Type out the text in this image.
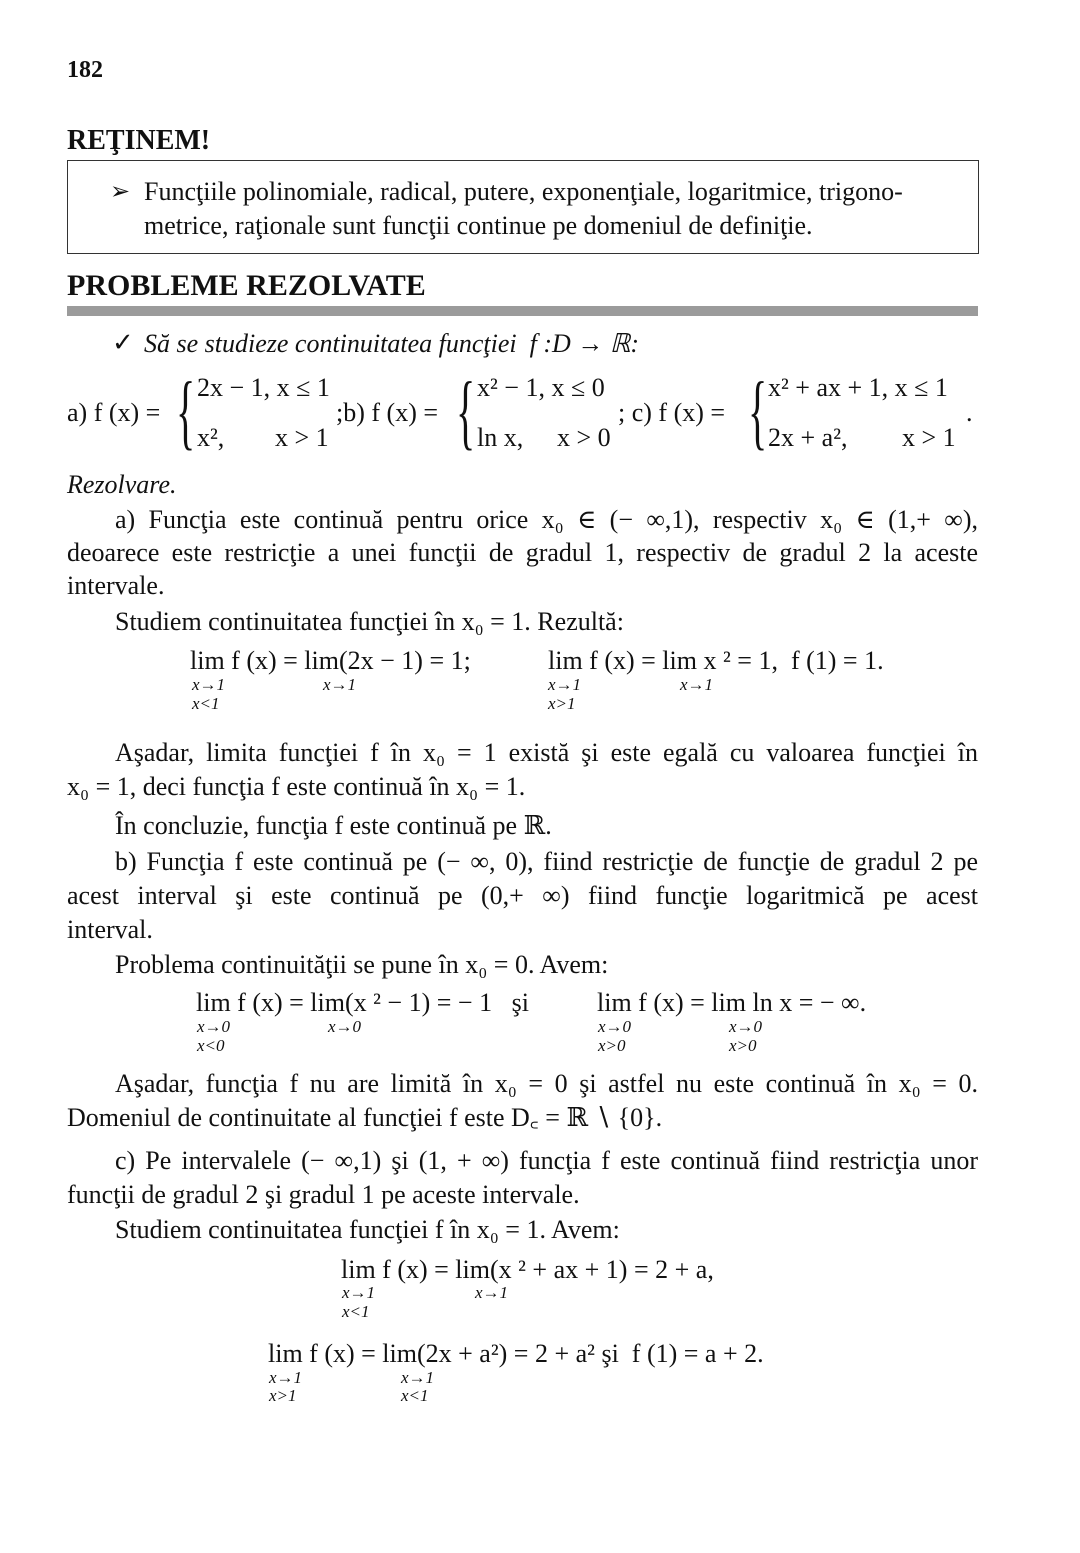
182
REŢINEM!
➢ Funcţiile polinomiale, radical, putere, exponenţiale, logaritmice, trigono-
metrice, raţionale sunt funcţii continue pe domeniul de definiţie.
PROBLEME REZOLVATE
✓ Să se studieze continuitatea funcţiei  f :D → ℝ:
a) f (x) = { 2x − 1, x ≤ 1
x², x > 1
;b) f (x) = { x² − 1, x ≤ 0
ln x, x > 0
; c) f (x) = { x² + ax + 1, x ≤ 1
2x + a², x > 1
.
Rezolvare.
a) Funcţia este continuă pentru orice x₀ ∈ (− ∞,1), respectiv x₀ ∈ (1,+ ∞),
deoarece este restricţie a unei funcţii de gradul 1, respectiv de gradul 2 la aceste
intervale.
Studiem continuitatea funcţiei în x₀ = 1. Rezultă:
lim f (x) = lim(2x − 1) = 1;
x→1
x<1
x→1
lim f (x) = lim x ² = 1,  f (1) = 1.
x→1
x>1
x→1
Aşadar, limita funcţiei f în x₀ = 1 există şi este egală cu valoarea funcţiei în
x₀ = 1, deci funcţia f este continuă în x₀ = 1.
În concluzie, funcţia f este continuă pe ℝ.
b) Funcţia f este continuă pe (− ∞, 0), fiind restricţie de funcţie de gradul 2 pe
acest interval şi este continuă pe (0,+ ∞) fiind funcţie logaritmică pe acest
interval.
Problema continuităţii se pune în x₀ = 0. Avem:
lim f (x) = lim(x ² − 1) = − 1   şi
x→0
x<0
x→0
lim f (x) = lim ln x = − ∞.
x→0
x>0
x→0
x>0
Aşadar, funcţia f nu are limită în x₀ = 0 şi astfel nu este continuă în x₀ = 0.
Domeniul de continuitate al funcţiei f este D꜀ = ℝ ∖ {0}.
c) Pe intervalele (− ∞,1) şi (1, + ∞) funcţia f este continuă fiind restricţia unor
funcţii de gradul 2 şi gradul 1 pe aceste intervale.
Studiem continuitatea funcţiei f în x₀ = 1. Avem:
lim f (x) = lim(x ² + ax + 1) = 2 + a,
x→1
x<1
x→1
lim f (x) = lim(2x + a²) = 2 + a² şi  f (1) = a + 2.
x→1
x>1
x→1
x<1
